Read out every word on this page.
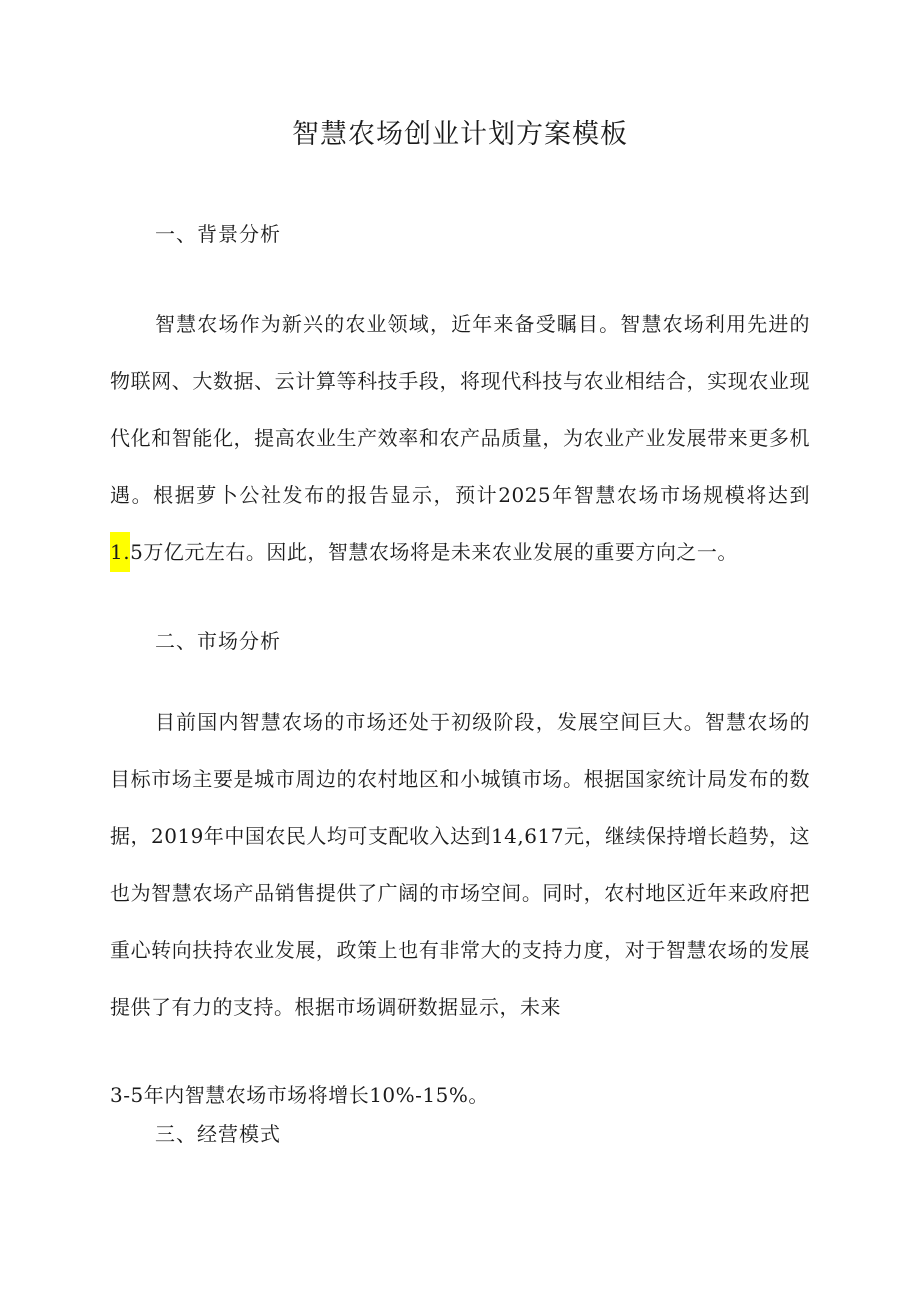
智慧农场创业计划方案模板
一、背景分析

智慧农场作为新兴的农业领域，近年来备受瞩目。智慧农场利用先进的物联网、大数据、云计算等科技手段，将现代科技与农业相结合，实现农业现代化和智能化，提高农业生产效率和农产品质量，为农业产业发展带来更多机遇。根据萝卜公社发布的报告显示，预计2025年智慧农场市场规模将达到1.5万亿元左右。因此，智慧农场将是未来农业发展的重要方向之一。

二、市场分析

目前国内智慧农场的市场还处于初级阶段，发展空间巨大。智慧农场的目标市场主要是城市周边的农村地区和小城镇市场。根据国家统计局发布的数据，2019年中国农民人均可支配收入达到14,617元，继续保持增长趋势，这也为智慧农场产品销售提供了广阔的市场空间。同时，农村地区近年来政府把重心转向扶持农业发展，政策上也有非常大的支持力度，对于智慧农场的发展提供了有力的支持。根据市场调研数据显示，未来

3-5年内智慧农场市场将增长10%-15%。

三、经营模式
